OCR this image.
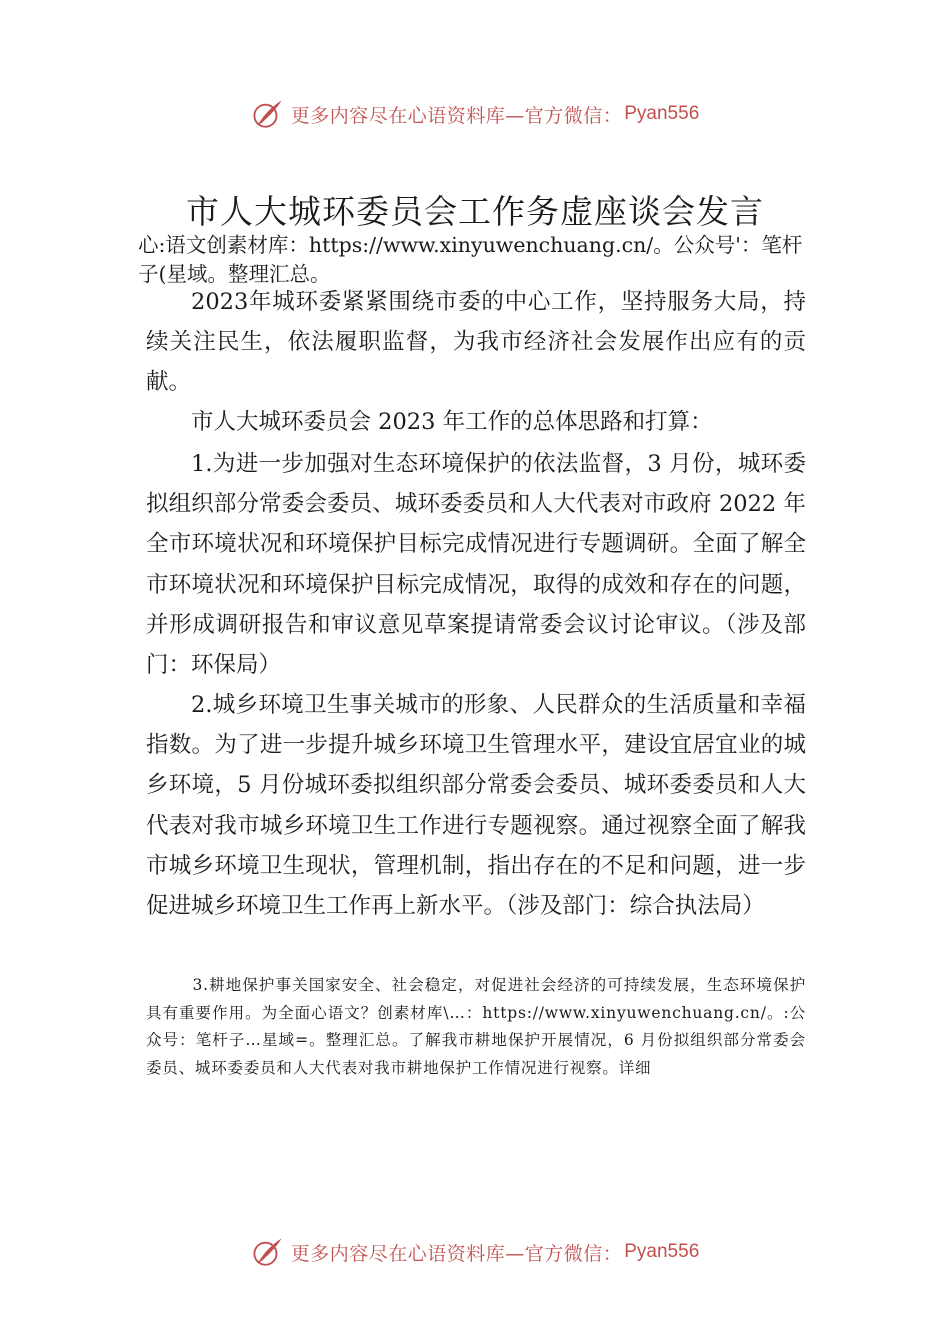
更多内容尽在心语资料库—官方微信： Pyan556
市人大城环委员会工作务虚座谈会发言
心:语文创素材库：https://www.xinyuwenchuang.cn/。公众号'：笔杆子(星域。整理汇总。

2023年城环委紧紧围绕市委的中心工作，坚持服务大局，持续关注民生，依法履职监督，为我市经济社会发展作出应有的贡献。

市人大城环委员会 2023 年工作的总体思路和打算：

1.为进一步加强对生态环境保护的依法监督，3 月份，城环委拟组织部分常委会委员、城环委委员和人大代表对市政府 2022 年全市环境状况和环境保护目标完成情况进行专题调研。全面了解全市环境状况和环境保护目标完成情况，取得的成效和存在的问题，并形成调研报告和审议意见草案提请常委会议讨论审议。（涉及部门：环保局）

2.城乡环境卫生事关城市的形象、人民群众的生活质量和幸福指数。为了进一步提升城乡环境卫生管理水平，建设宜居宜业的城乡环境，5 月份城环委拟组织部分常委会委员、城环委委员和人大代表对我市城乡环境卫生工作进行专题视察。通过视察全面了解我市城乡环境卫生现状，管理机制，指出存在的不足和问题，进一步促进城乡环境卫生工作再上新水平。（涉及部门：综合执法局）

3.耕地保护事关国家安全、社会稳定，对促进社会经济的可持续发展，生态环境保护具有重要作用。为全面心语文？创素材库\…：https://www.xinyuwenchuang.cn/。:公众号：笔杆子…星域=。整理汇总。了解我市耕地保护开展情况，6 月份拟组织部分常委会委员、城环委委员和人大代表对我市耕地保护工作情况进行视察。详细

更多内容尽在心语资料库—官方微信： Pyan556
